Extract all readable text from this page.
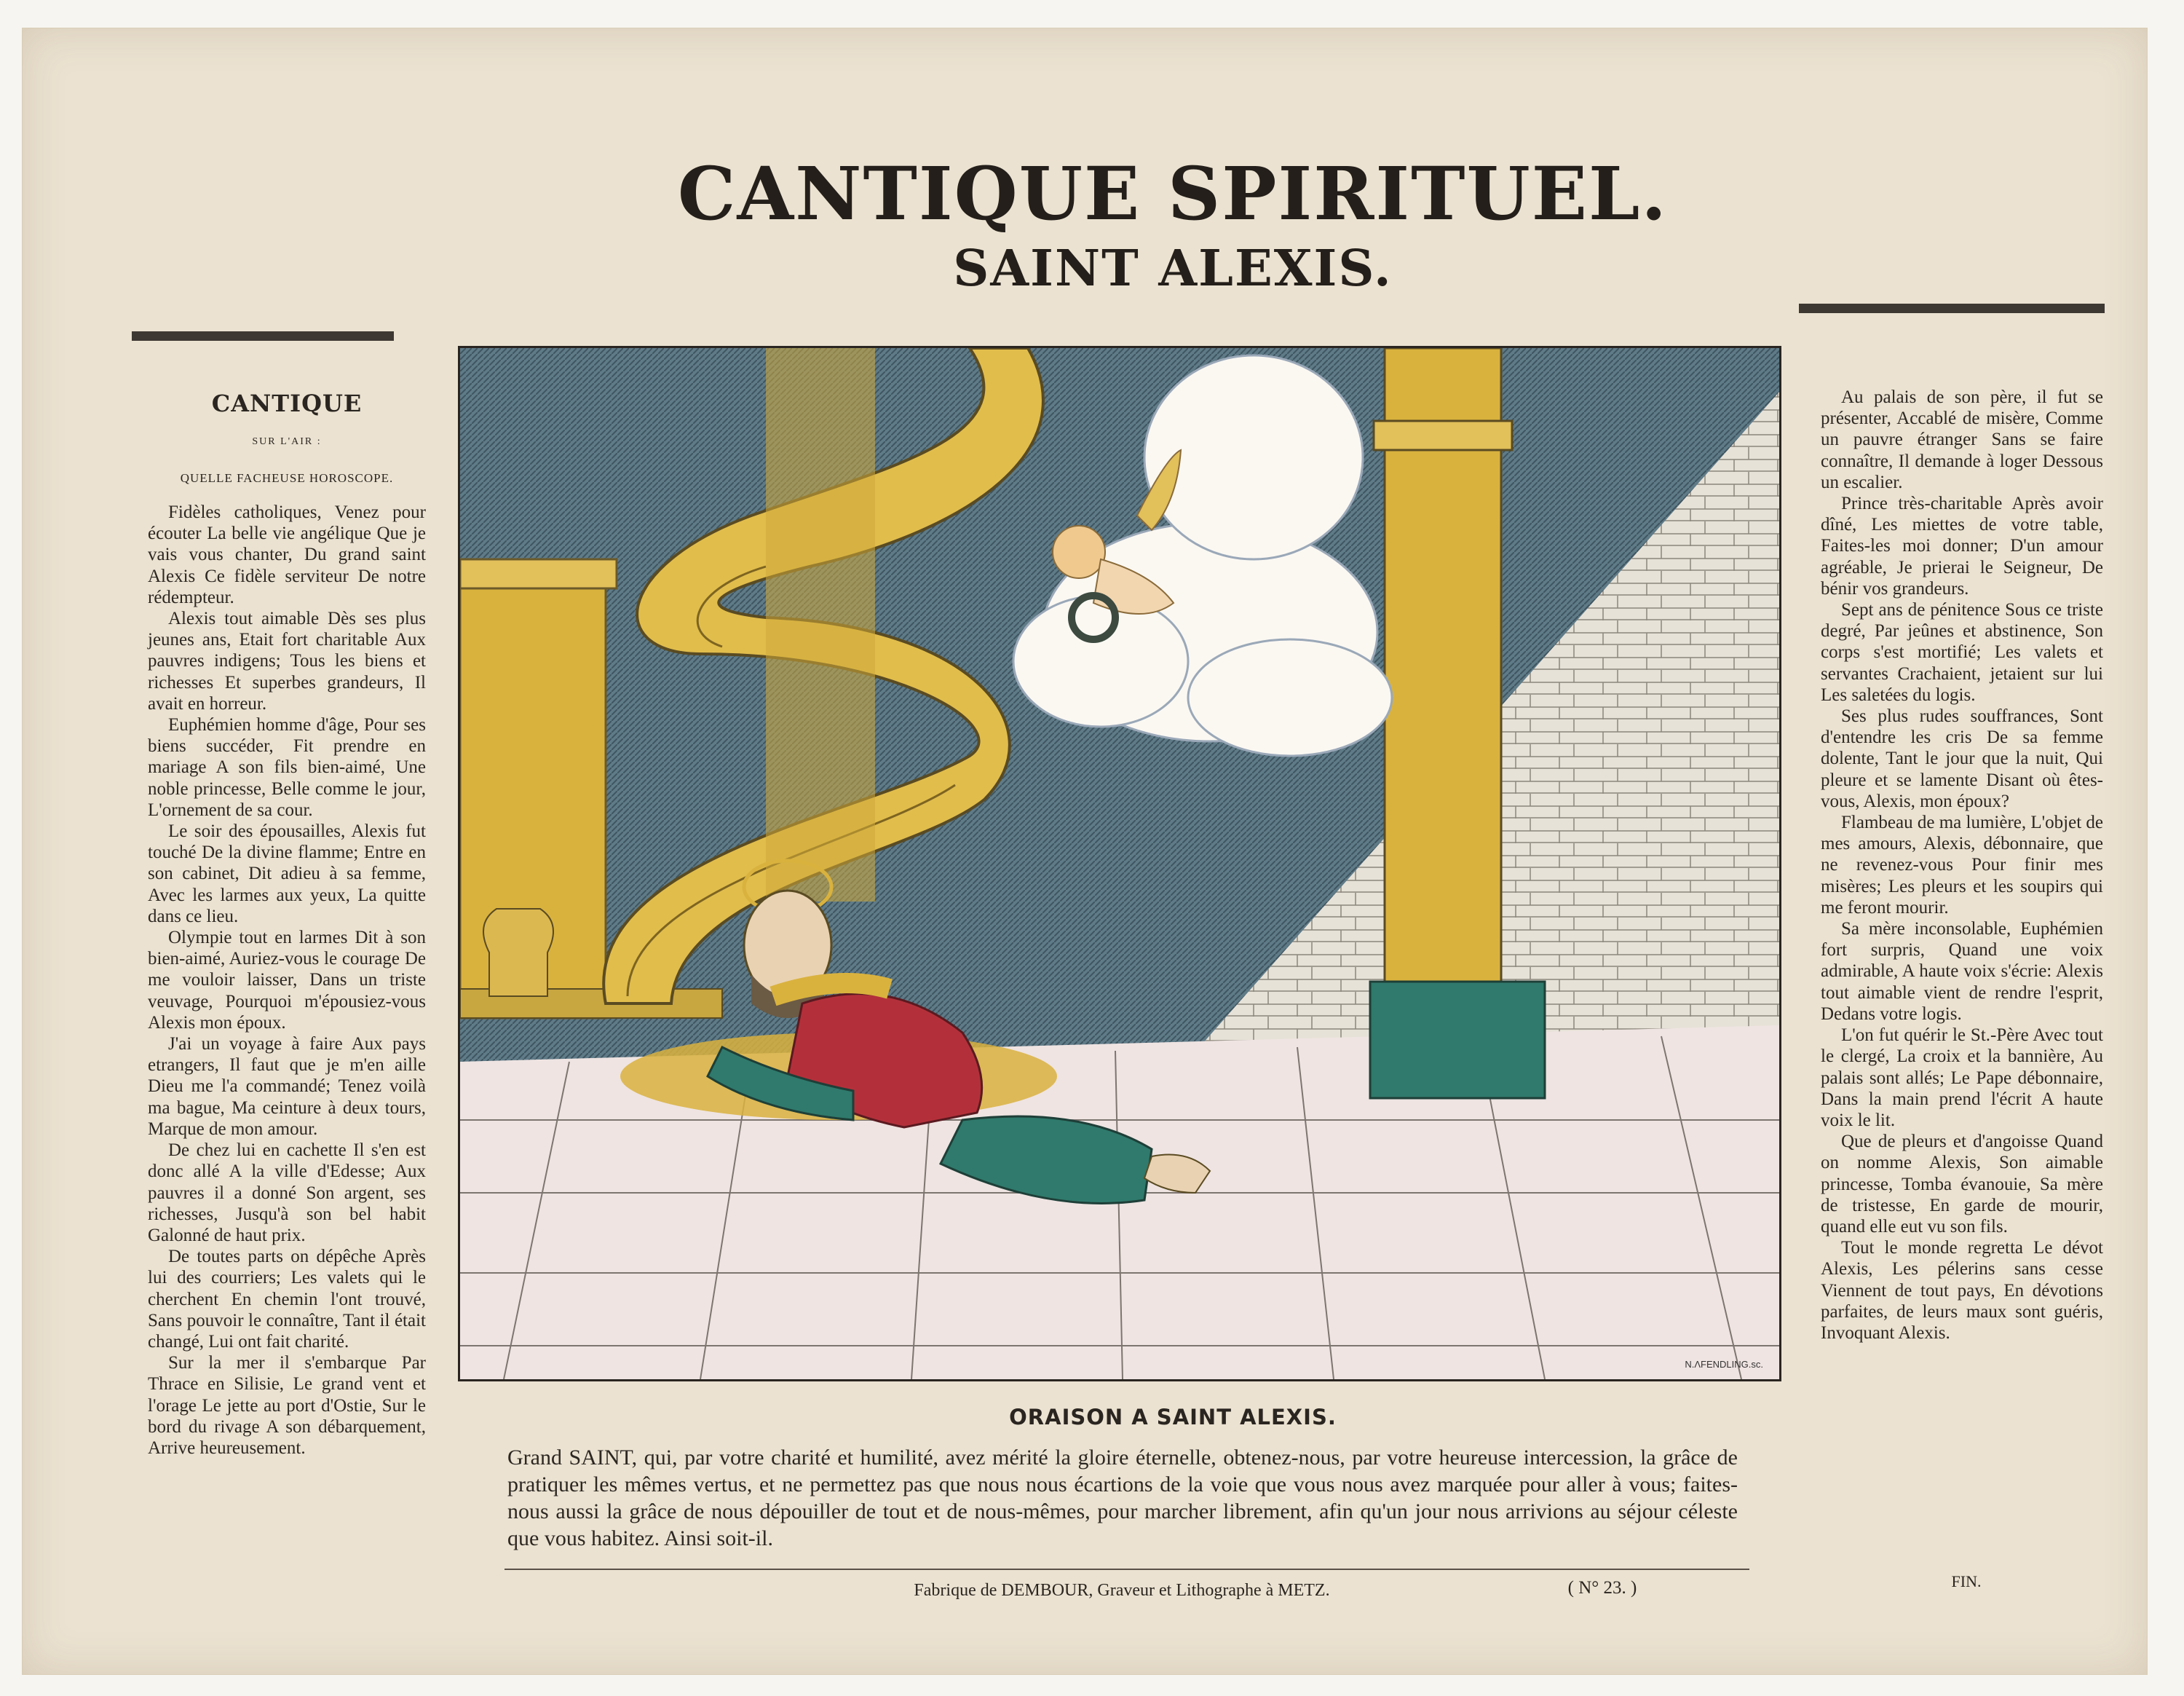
CANTIQUE SPIRITUEL.
SAINT ALEXIS.
CANTIQUE
SUR L'AIR :
QUELLE FACHEUSE HOROSCOPE.

Fidèles catholiques, Venez pour écouter La belle vie angélique Que je vais vous chanter, Du grand saint Alexis Ce fidèle serviteur De notre rédempteur.

Alexis tout aimable Dès ses plus jeunes ans, Etait fort charitable Aux pauvres indigens; Tous les biens et richesses Et superbes grandeurs, Il avait en horreur.

Euphémien homme d'âge, Pour ses biens succéder, Fit prendre en mariage A son fils bien-aimé, Une noble princesse, Belle comme le jour, L'ornement de sa cour.

Le soir des épousailles, Alexis fut touché De la divine flamme; Entre en son cabinet, Dit adieu à sa femme, Avec les larmes aux yeux, La quitte dans ce lieu.

Olympie tout en larmes Dit à son bien-aimé, Auriez-vous le courage De me vouloir laisser, Dans un triste veuvage, Pourquoi m'épousiez-vous Alexis mon époux.

J'ai un voyage à faire Aux pays etrangers, Il faut que je m'en aille Dieu me l'a commandé; Tenez voilà ma bague, Ma ceinture à deux tours, Marque de mon amour.

De chez lui en cachette Il s'en est donc allé A la ville d'Edesse; Aux pauvres il a donné Son argent, ses richesses, Jusqu'à son bel habit Galonné de haut prix.

De toutes parts on dépêche Après lui des courriers; Les valets qui le cherchent En chemin l'ont trouvé, Sans pouvoir le connaître, Tant il était changé, Lui ont fait charité.

Sur la mer il s'embarque Par Thrace en Silisie, Le grand vent et l'orage Le jette au port d'Ostie, Sur le bord du rivage A son débarquement, Arrive heureusement.

Au palais de son père, il fut se présenter, Accablé de misère, Comme un pauvre étranger Sans se faire connaître, Il demande à loger Dessous un escalier.

Prince très-charitable Après avoir dîné, Les miettes de votre table, Faites-les moi donner; D'un amour agréable, Je prierai le Seigneur, De bénir vos grandeurs.

Sept ans de pénitence Sous ce triste degré, Par jeûnes et abstinence, Son corps s'est mortifié; Les valets et servantes Crachaient, jetaient sur lui Les saletées du logis.

Ses plus rudes souffrances, Sont d'entendre les cris De sa femme dolente, Tant le jour que la nuit, Qui pleure et se lamente Disant où êtes-vous, Alexis, mon époux?

Flambeau de ma lumière, L'objet de mes amours, Alexis, débonnaire, que ne revenez-vous Pour finir mes misères; Les pleurs et les soupirs qui me feront mourir.

Sa mère inconsolable, Euphémien fort surpris, Quand une voix admirable, A haute voix s'écrie: Alexis tout aimable vient de rendre l'esprit, Dedans votre logis.

L'on fut quérir le St.-Père Avec tout le clergé, La croix et la bannière, Au palais sont allés; Le Pape débonnaire, Dans la main prend l'écrit A haute voix le lit.

Que de pleurs et d'angoisse Quand on nomme Alexis, Son aimable princesse, Tomba évanouie, Sa mère de tristesse, En garde de mourir, quand elle eut vu son fils.

Tout le monde regretta Le dévot Alexis, Les pélerins sans cesse Viennent de tout pays, En dévotions parfaites, de leurs maux sont guéris, Invoquant Alexis.

FIN.
N.ΛFENDLING.sc.
ORAISON A SAINT ALEXIS.
Grand SAINT, qui, par votre charité et humilité, avez mérité la gloire éternelle, obtenez-nous, par votre heureuse intercession, la grâce de pratiquer les mêmes vertus, et ne permettez pas que nous nous écartions de la voie que vous nous avez marquée pour aller à vous; faites-nous aussi la grâce de nous dépouiller de tout et de nous-mêmes, pour marcher librement, afin qu'un jour nous arrivions au séjour céleste que vous habitez. Ainsi soit-il.
Fabrique de DEMBOUR, Graveur et Lithographe à METZ.	( N° 23. )
